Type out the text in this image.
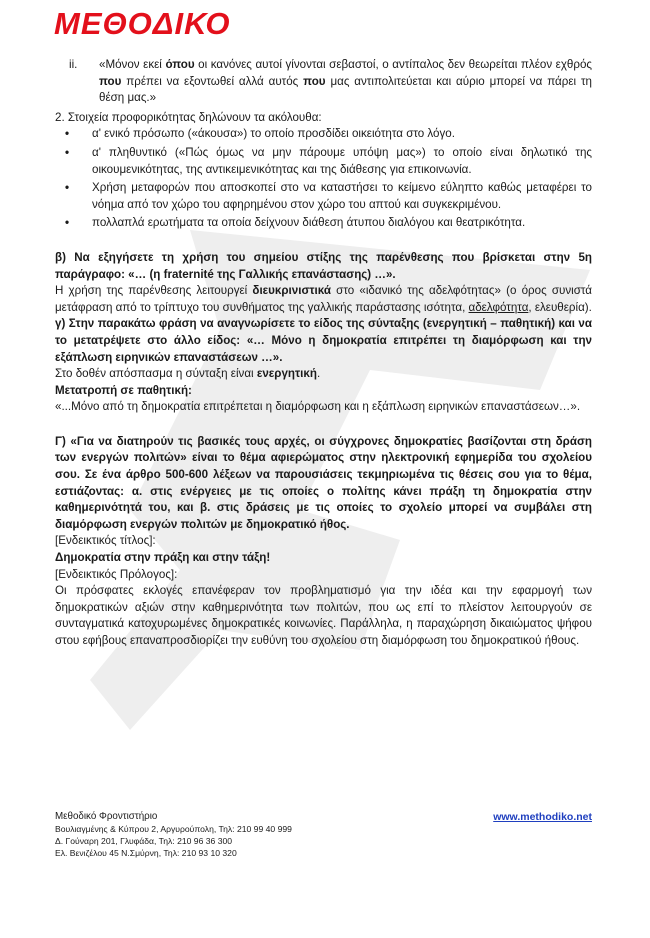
ΜΕΘΟΔΙΚΟ
ii.	«Μόνον εκεί όπου οι κανόνες αυτοί γίνονται σεβαστοί, ο αντίπαλος δεν θεωρείται πλέον εχθρός που πρέπει να εξοντωθεί αλλά αυτός που μας αντιπολιτεύεται και αύριο μπορεί να πάρει τη θέση μας.»

2. Στοιχεία προφορικότητας δηλώνουν τα ακόλουθα:

•	α' ενικό πρόσωπο («άκουσα») το οποίο προσδίδει οικειότητα στο λόγο.
•	α' πληθυντικό («Πώς όμως να μην πάρουμε υπόψη μας») το οποίο είναι δηλωτικό της οικουμενικότητας, της αντικειμενικότητας και της διάθεσης για επικοινωνία.
•	Χρήση μεταφορών που αποσκοπεί στο να καταστήσει το κείμενο εύληπτο καθώς μεταφέρει το νόημα από τον χώρο του αφηρημένου στον χώρο του απτού και συγκεκριμένου.
•	πολλαπλά ερωτήματα τα οποία δείχνουν διάθεση άτυπου διαλόγου και θεατρικότητα.

β) Να εξηγήσετε τη χρήση του σημείου στίξης της παρένθεσης που βρίσκεται στην 5η παράγραφο: «… (η fraternité της Γαλλικής επανάστασης) …».

Η χρήση της παρένθεσης λειτουργεί διευκρινιστικά στο «ιδανικό της αδελφότητας» (ο όρος συνιστά μετάφραση από το τρίπτυχο του συνθήματος της γαλλικής παράστασης ισότητα, αδελφότητα, ελευθερία).

γ) Στην παρακάτω φράση να αναγνωρίσετε το είδος της σύνταξης (ενεργητική – παθητική) και να το μετατρέψετε στο άλλο είδος: «… Μόνο η δημοκρατία επιτρέπει τη διαμόρφωση και την εξάπλωση ειρηνικών επαναστάσεων …».

Στο δοθέν απόσπασμα η σύνταξη είναι ενεργητική.

Μετατροπή σε παθητική:

«...Μόνο από τη δημοκρατία επιτρέπεται η διαμόρφωση και η εξάπλωση ειρηνικών επαναστάσεων…».

Γ) «Για να διατηρούν τις βασικές τους αρχές, οι σύγχρονες δημοκρατίες βασίζονται στη δράση των ενεργών πολιτών» είναι το θέμα αφιερώματος στην ηλεκτρονική εφημερίδα του σχολείου σου. Σε ένα άρθρο 500-600 λέξεων να παρουσιάσεις τεκμηριωμένα τις θέσεις σου για το θέμα, εστιάζοντας: α. στις ενέργειες με τις οποίες ο πολίτης κάνει πράξη τη δημοκρατία στην καθημερινότητά του, και β. στις δράσεις με τις οποίες το σχολείο μπορεί να συμβάλει στη διαμόρφωση ενεργών πολιτών με δημοκρατικό ήθος.

[Ενδεικτικός τίτλος]:

Δημοκρατία στην πράξη και στην τάξη!

[Ενδεικτικός Πρόλογος]:

Οι πρόσφατες εκλογές επανέφεραν τον προβληματισμό για την ιδέα και την εφαρμογή των δημοκρατικών αξιών στην καθημερινότητα των πολιτών, που ως επί το πλείστον λειτουργούν σε συνταγματικά κατοχυρωμένες δημοκρατικές κοινωνίες. Παράλληλα, η παραχώρηση δικαιώματος ψήφου στου εφήβους επαναπροσδιορίζει την ευθύνη του σχολείου στη διαμόρφωση του δημοκρατικού ήθους.

Μεθοδικό Φροντιστήριο
Βουλιαγμένης & Κύπρου 2, Αργυρούπολη, Τηλ: 210 99 40 999
Δ. Γούναρη 201, Γλυφάδα, Τηλ: 210 96 36 300
Ελ. Βενιζέλου 45 Ν.Σμύρνη, Τηλ: 210 93 10 320
www.methodiko.net
